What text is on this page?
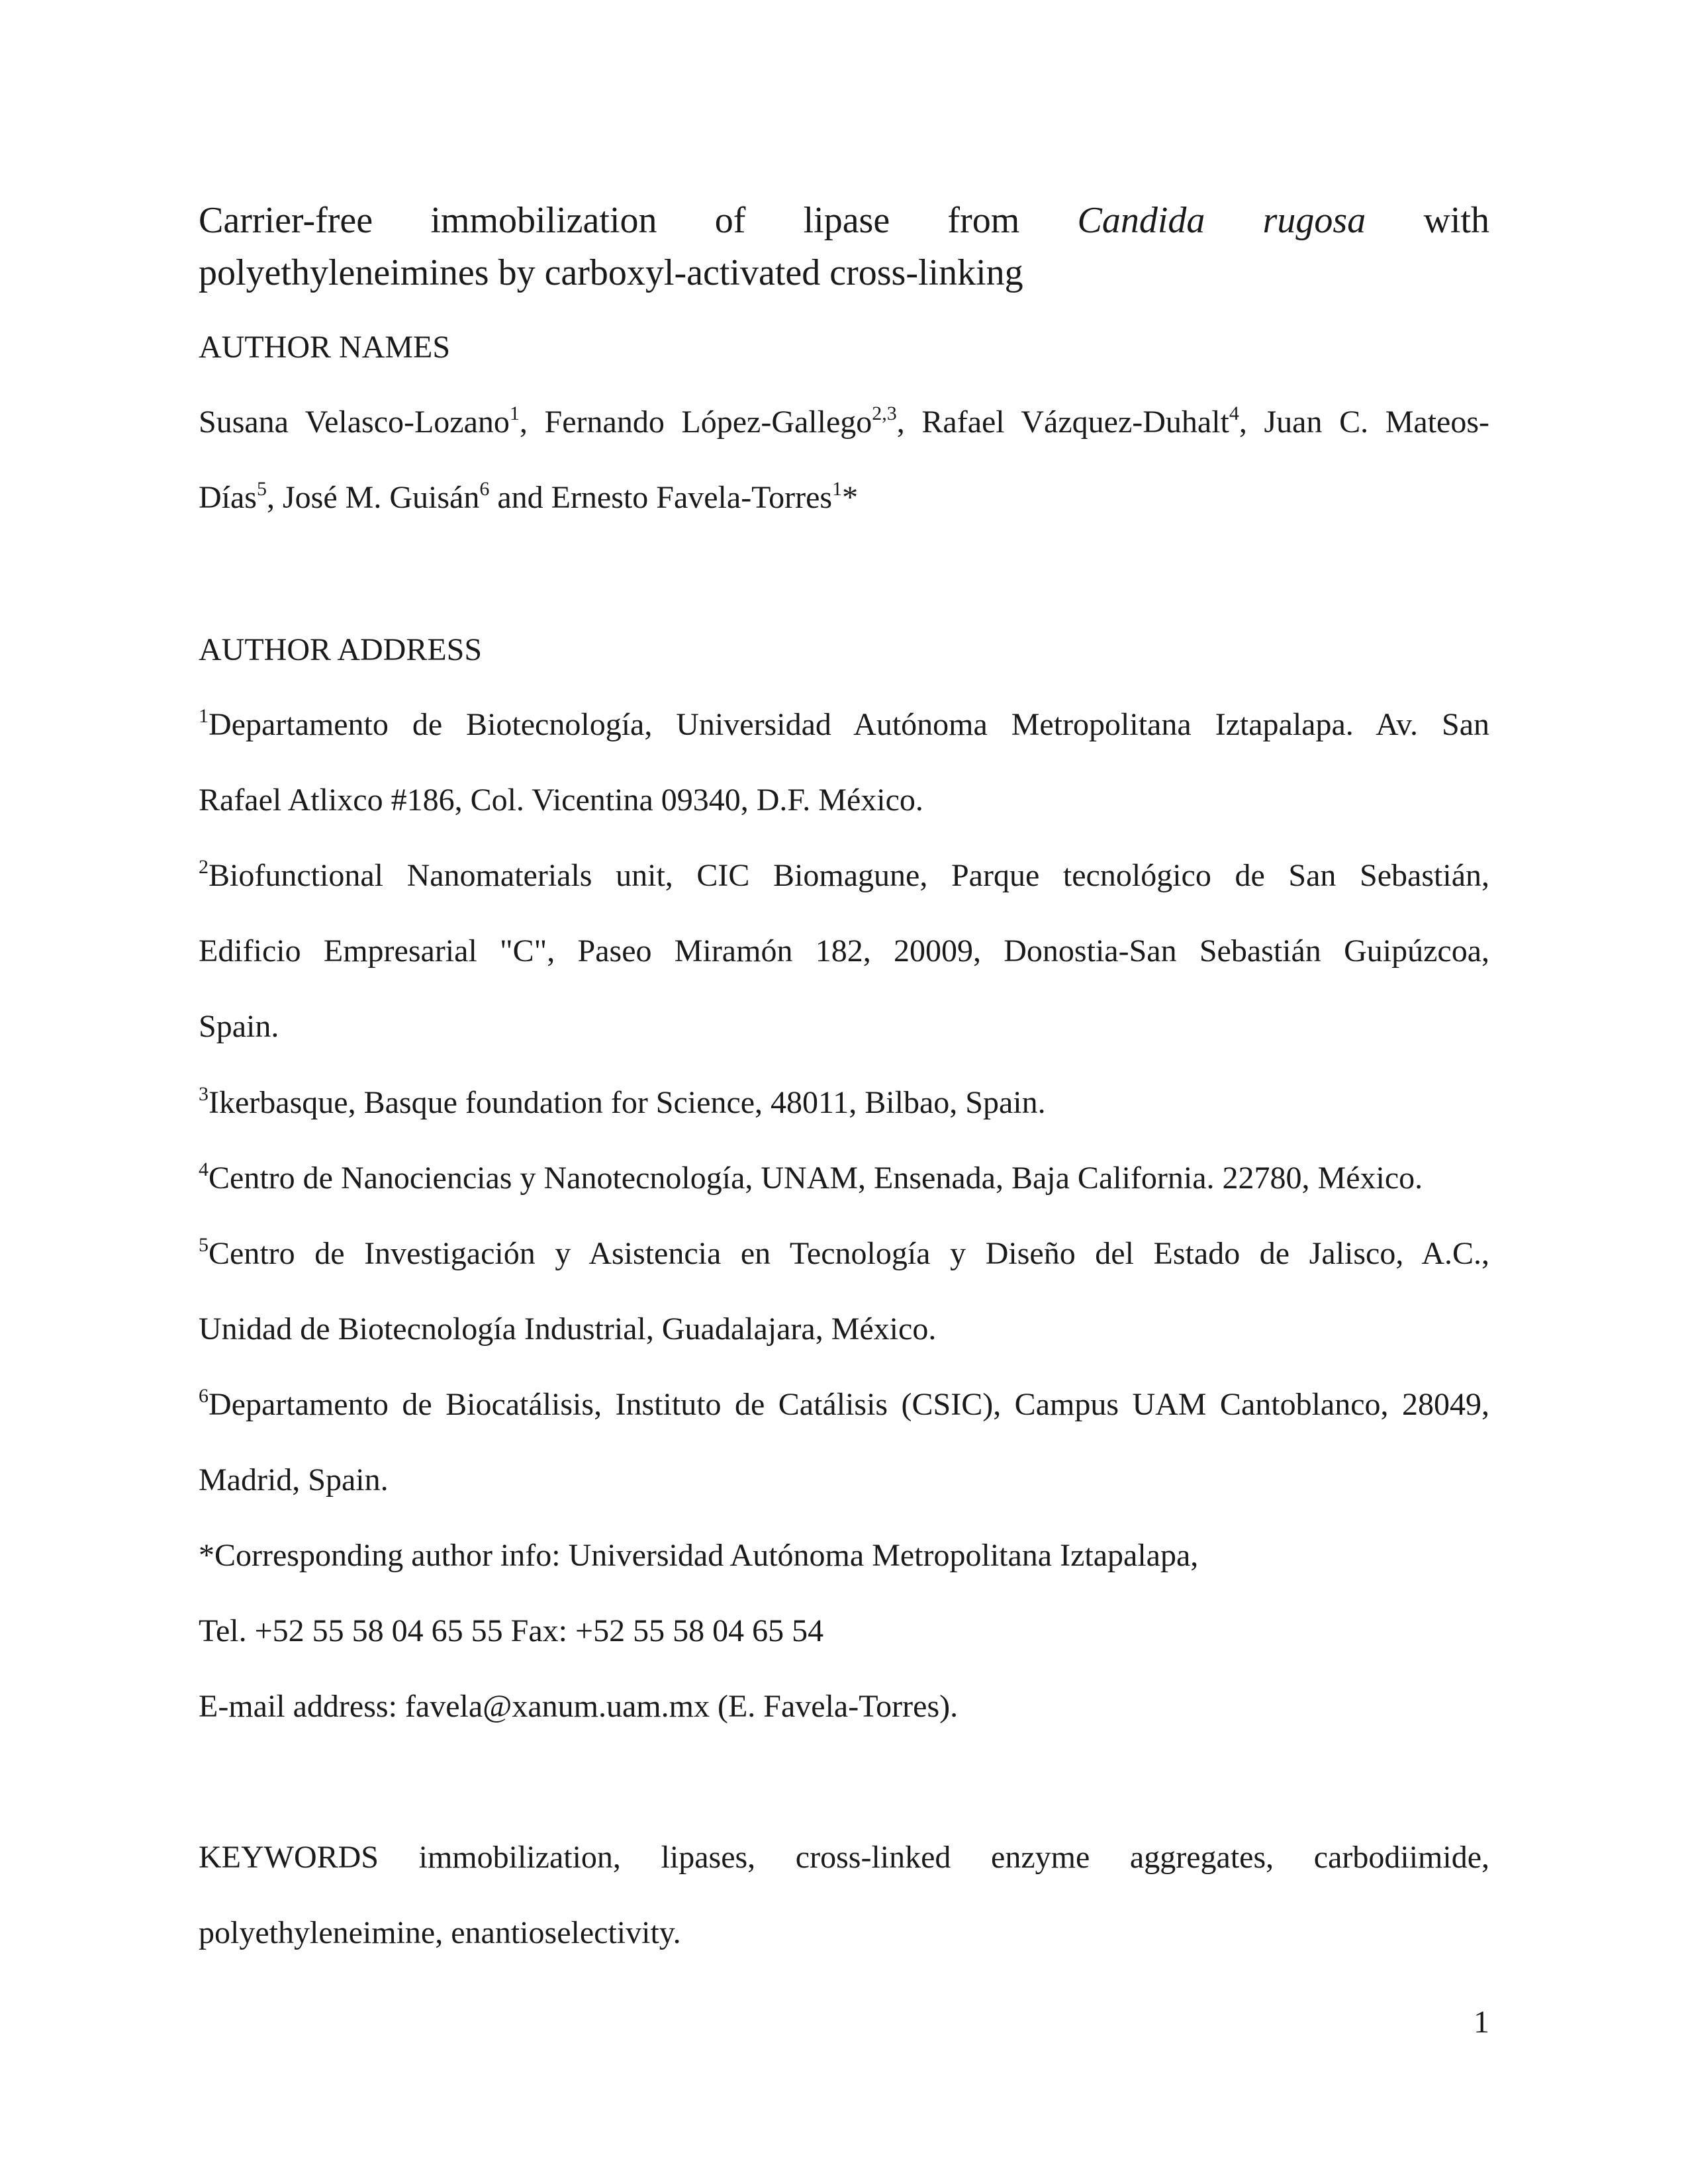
Carrier-free immobilization of lipase from Candida rugosa with
polyethyleneimines by carboxyl-activated cross-linking
AUTHOR NAMES
Susana Velasco-Lozano$^1$, Fernando López-Gallego$^{2,3}$, Rafael Vázquez-Duhalt$^4$, Juan C. Mateos-
Días$^5$, José M. Guisán$^6$ and Ernesto Favela-Torres$^1$*
AUTHOR ADDRESS
$^1$Departamento de Biotecnología, Universidad Autónoma Metropolitana Iztapalapa. Av. San
Rafael Atlixco #186, Col. Vicentina 09340, D.F. México.
$^2$Biofunctional Nanomaterials unit, CIC Biomagune, Parque tecnológico de San Sebastián,
Edificio Empresarial "C", Paseo Miramón 182, 20009, Donostia-San Sebastián Guipúzcoa,
Spain.
$^3$Ikerbasque, Basque foundation for Science, 48011, Bilbao, Spain.
$^4$Centro de Nanociencias y Nanotecnología, UNAM, Ensenada, Baja California. 22780, México.
$^5$Centro de Investigación y Asistencia en Tecnología y Diseño del Estado de Jalisco, A.C.,
Unidad de Biotecnología Industrial, Guadalajara, México.
$^6$Departamento de Biocatálisis, Instituto de Catálisis (CSIC), Campus UAM Cantoblanco, 28049,
Madrid, Spain.
*Corresponding author info: Universidad Autónoma Metropolitana Iztapalapa,
Tel. +52 55 58 04 65 55 Fax: +52 55 58 04 65 54
E-mail address: favela@xanum.uam.mx (E. Favela-Torres).
KEYWORDS immobilization, lipases, cross-linked enzyme aggregates, carbodiimide,
polyethyleneimine, enantioselectivity.
1
